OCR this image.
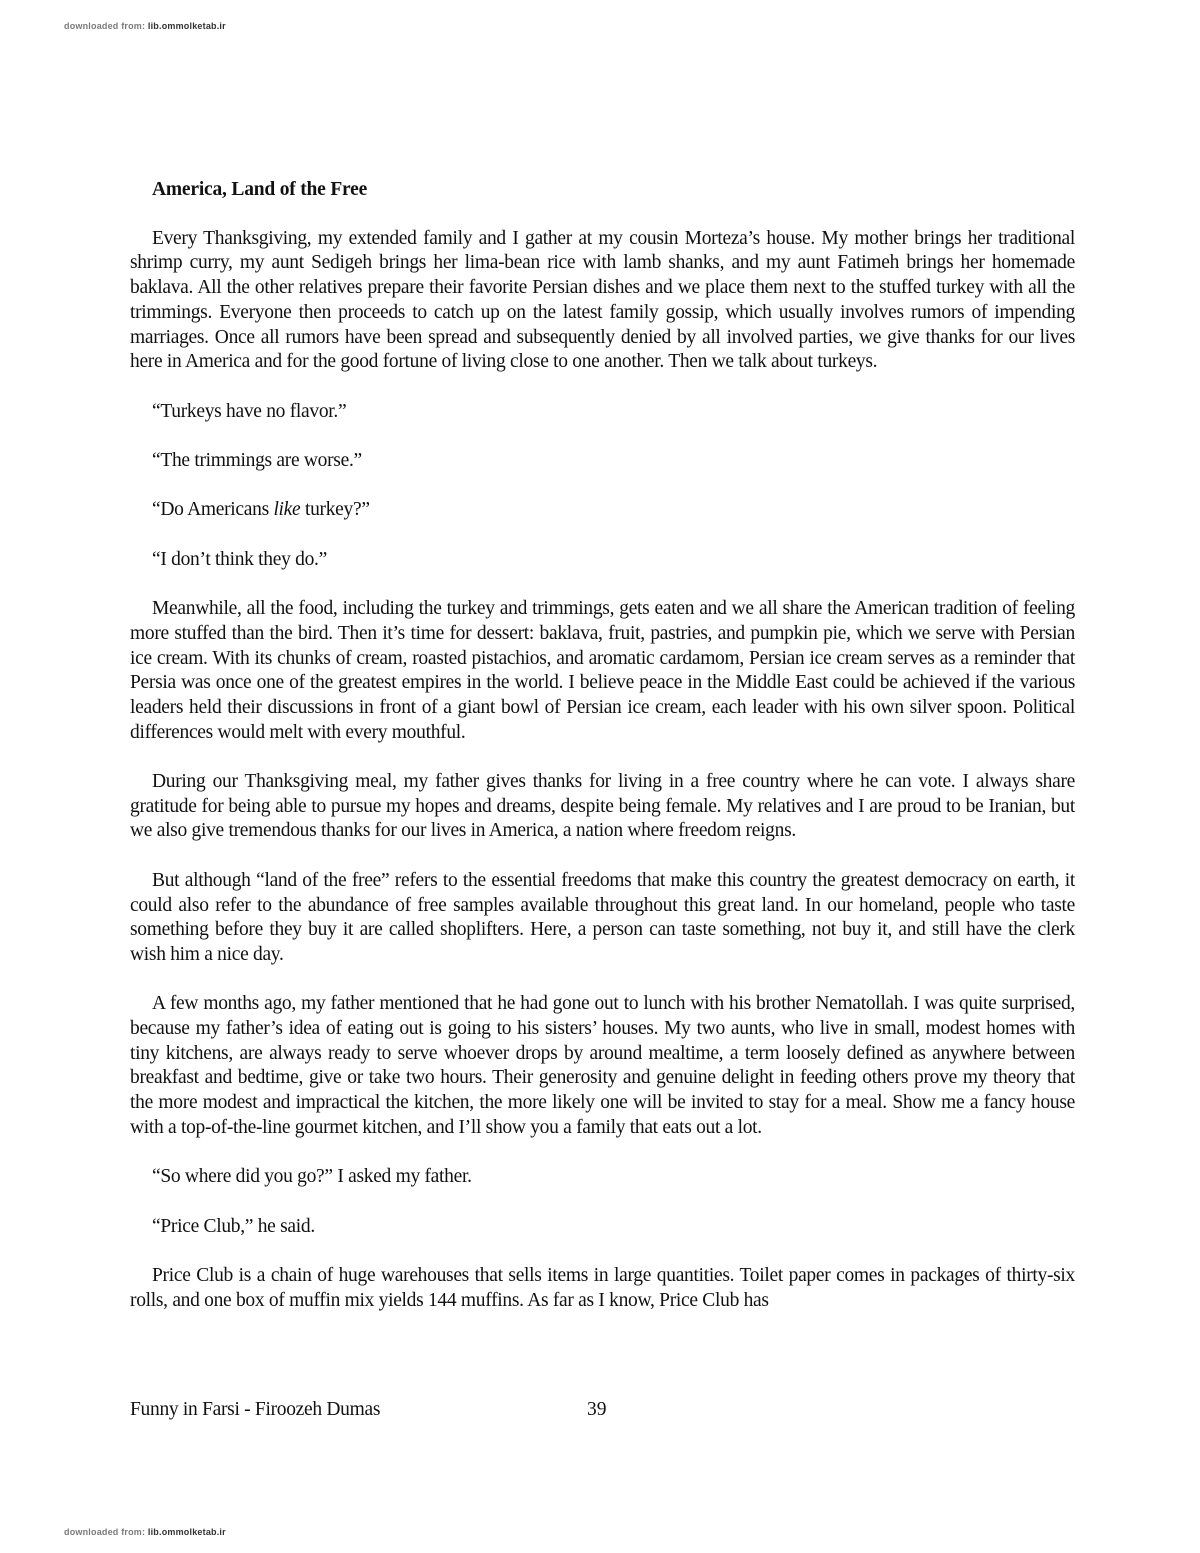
downloaded from: lib.ommolketab.ir
America, Land of the Free

Every Thanksgiving, my extended family and I gather at my cousin Morteza’s house. My mother brings her traditional shrimp curry, my aunt Sedigeh brings her lima-bean rice with lamb shanks, and my aunt Fatimeh brings her homemade baklava. All the other relatives prepare their favorite Persian dishes and we place them next to the stuffed turkey with all the trimmings. Everyone then proceeds to catch up on the latest family gossip, which usually involves rumors of impending marriages. Once all rumors have been spread and subsequently denied by all involved parties, we give thanks for our lives here in America and for the good fortune of living close to one another. Then we talk about turkeys.

“Turkeys have no flavor.”

“The trimmings are worse.”

“Do Americans like turkey?”

“I don’t think they do.”

Meanwhile, all the food, including the turkey and trimmings, gets eaten and we all share the American tradition of feeling more stuffed than the bird. Then it’s time for dessert: baklava, fruit, pastries, and pumpkin pie, which we serve with Persian ice cream. With its chunks of cream, roasted pistachios, and aromatic cardamom, Persian ice cream serves as a reminder that Persia was once one of the greatest empires in the world. I believe peace in the Middle East could be achieved if the various leaders held their discussions in front of a giant bowl of Persian ice cream, each leader with his own silver spoon. Political differences would melt with every mouthful.

During our Thanksgiving meal, my father gives thanks for living in a free country where he can vote. I always share gratitude for being able to pursue my hopes and dreams, despite being female. My relatives and I are proud to be Iranian, but we also give tremendous thanks for our lives in America, a nation where freedom reigns.

But although “land of the free” refers to the essential freedoms that make this country the greatest democracy on earth, it could also refer to the abundance of free samples available throughout this great land. In our homeland, people who taste something before they buy it are called shoplifters. Here, a person can taste something, not buy it, and still have the clerk wish him a nice day.

A few months ago, my father mentioned that he had gone out to lunch with his brother Nematollah. I was quite surprised, because my father’s idea of eating out is going to his sisters’ houses. My two aunts, who live in small, modest homes with tiny kitchens, are always ready to serve whoever drops by around mealtime, a term loosely defined as anywhere between breakfast and bedtime, give or take two hours. Their generosity and genuine delight in feeding others prove my theory that the more modest and impractical the kitchen, the more likely one will be invited to stay for a meal. Show me a fancy house with a top-of-the-line gourmet kitchen, and I’ll show you a family that eats out a lot.

“So where did you go?” I asked my father.

“Price Club,” he said.

Price Club is a chain of huge warehouses that sells items in large quantities. Toilet paper comes in packages of thirty-six rolls, and one box of muffin mix yields 144 muffins. As far as I know, Price Club has

Funny in Farsi - Firoozeh Dumas	39
downloaded from: lib.ommolketab.ir
